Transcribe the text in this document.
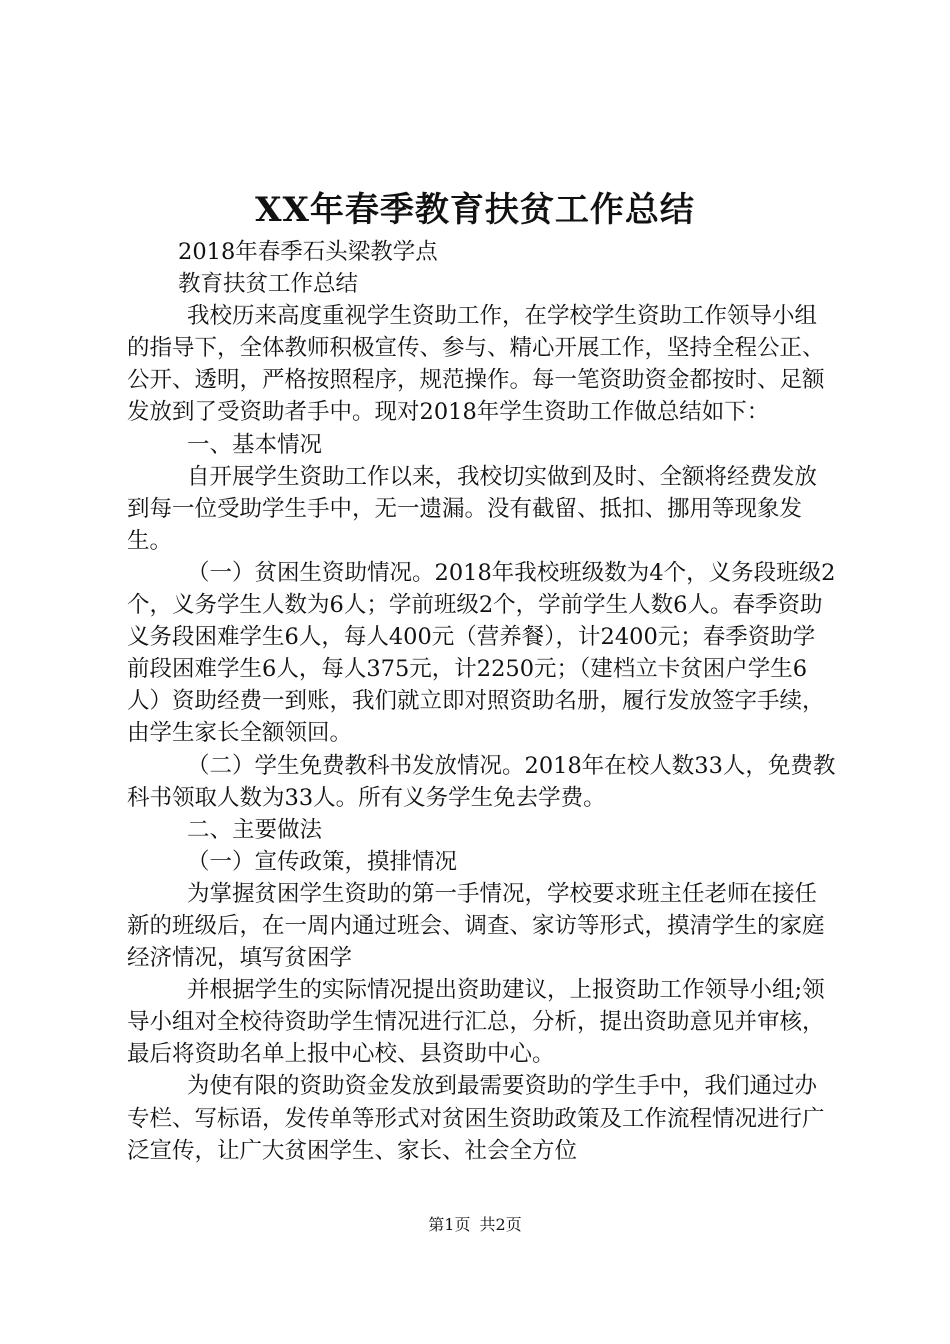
XX年春季教育扶贫工作总结

2018年春季石头梁教学点

教育扶贫工作总结

我校历来高度重视学生资助工作，在学校学生资助工作领导小组的指导下，全体教师积极宣传、参与、精心开展工作，坚持全程公正、公开、透明，严格按照程序，规范操作。每一笔资助资金都按时、足额发放到了受资助者手中。现对2018年学生资助工作做总结如下：

一、基本情况

自开展学生资助工作以来，我校切实做到及时、全额将经费发放到每一位受助学生手中，无一遗漏。没有截留、抵扣、挪用等现象发生。

（一）贫困生资助情况。2018年我校班级数为4个，义务段班级2个，义务学生人数为6人；学前班级2个，学前学生人数6人。春季资助义务段困难学生6人，每人400元（营养餐），计2400元；春季资助学前段困难学生6人，每人375元，计2250元；（建档立卡贫困户学生6人）资助经费一到账，我们就立即对照资助名册，履行发放签字手续，由学生家长全额领回。

（二）学生免费教科书发放情况。2018年在校人数33人，免费教科书领取人数为33人。所有义务学生免去学费。

二、主要做法

（一）宣传政策，摸排情况

为掌握贫困学生资助的第一手情况，学校要求班主任老师在接任新的班级后，在一周内通过班会、调查、家访等形式，摸清学生的家庭经济情况，填写贫困学

并根据学生的实际情况提出资助建议，上报资助工作领导小组;领导小组对全校待资助学生情况进行汇总，分析，提出资助意见并审核，最后将资助名单上报中心校、县资助中心。

为使有限的资助资金发放到最需要资助的学生手中，我们通过办专栏、写标语，发传单等形式对贫困生资助政策及工作流程情况进行广泛宣传，让广大贫困学生、家长、社会全方位

第1页 共2页
